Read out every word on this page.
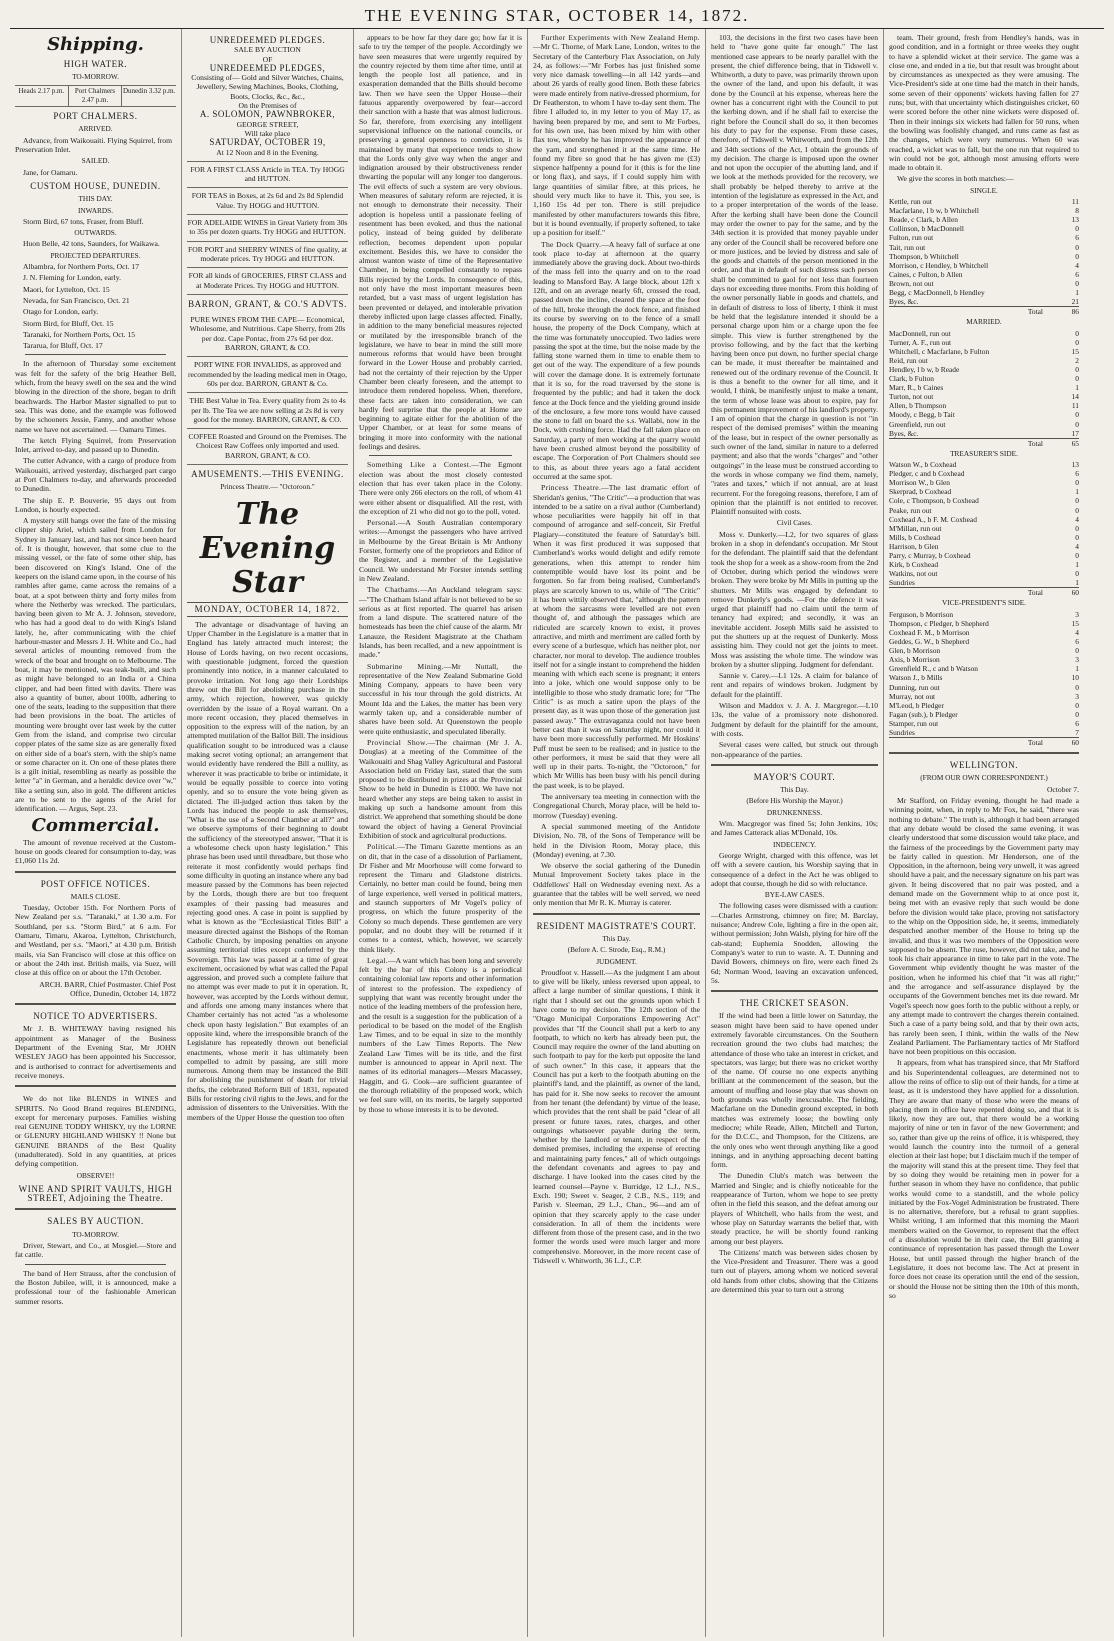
THE EVENING STAR, OCTOBER 14, 1872.
Shipping.
HIGH WATER.
TO-MORROW.
Heads 2.17 p.m.	Port Chalmers 2.47 p.m.
Dunedin 3.32 p.m.
PORT CHALMERS.
ARRIVED.

Advance, from Waikouaiti. Flying Squirrel, from Preservation Inlet.

SAILED.

Jane, for Oamaru.

CUSTOM HOUSE, DUNEDIN.
THIS DAY.
INWARDS.

Storm Bird, 67 tons, Fraser, from Bluff.

OUTWARDS.

Huon Belle, 42 tons, Saunders, for Waikawa.

PROJECTED DEPARTURES.

Albambra, for Northern Ports, Oct. 17

J. N. Fleming for London, early.

Maori, for Lyttelton, Oct. 15

Nevada, for San Francisco, Oct. 21

Otago for London, early.

Storm Bird, for Bluff, Oct. 15

Taranaki, for Northern Ports, Oct. 15

Tararua, for Bluff, Oct. 17

In the afternoon of Thursday some excitement was felt for the safety of the brig Heather Bell, which, from the heavy swell on the sea and the wind blowing in the direction of the shore, began to drift beachwards. The Harbor Master signalled to put to sea. This was done, and the example was followed by the schooners Jessie, Fanny, and another whose name we have not ascertained. — Oamaru Times.

The ketch Flying Squirrel, from Preservation Inlet, arrived to-day, and passed up to Dunedin.

The cutter Advance, with a cargo of produce from Waikouaiti, arrived yesterday, discharged part cargo at Port Chalmers to-day, and afterwards proceeded to Dunedin.

The ship E. P. Bouverie, 95 days out from London, is hourly expected.

A mystery still hangs over the fate of the missing clipper ship Ariel, which sailed from London for Sydney in January last, and has not since been heard of. It is thought, however, that some clue to the missing vessel, or the fate of some other ship, has been discovered on King's Island. One of the keepers on the island came upon, in the course of his rambles after game, came across the remains of a boat, at a spot between thirty and forty miles from where the Netherby was wrecked. The particulars, having been given to Mr A. J. Johnson, stevedore, who has had a good deal to do with King's Island lately, he, after communicating with the chief harbour-master and Messrs J. H. White and Co., had several articles of mounting removed from the wreck of the boat and brought on to Melbourne. The boat, it may be mentioned, was teak-built, and such as might have belonged to an India or a China clipper, and had been fitted with davits. There was also a quantity of butter, about 100lb, adhering to one of the seats, leading to the supposition that there had been provisions in the boat. The articles of mounting were brought over last week by the cutter Gem from the island, and comprise two circular copper plates of the same size as are generally fixed on either side of a boat's stern, with the ship's name or some character on it. On one of these plates there is a gilt initial, resembling as nearly as possible the letter "a" in German, and a heraldic device over "w," like a setting sun, also in gold. The different articles are to be sent to the agents of the Ariel for identification. — Argus, Sept. 23.

Commercial.

The amount of revenue received at the Custom-house on goods cleared for consumption to-day, was £1,060 11s 2d.

POST OFFICE NOTICES.
MAILS CLOSE.

Tuesday, October 15th. For Northern Ports of New Zealand per s.s. "Taranaki," at 1.30 a.m. For Southland, per s.s. "Storm Bird," at 6 a.m. For Oamaru, Timaru, Akaroa, Lyttelton, Christchurch, and Westland, per s.s. "Maori," at 4.30 p.m. British mails, via San Francisco will close at this office on or about the 24th inst. British mails, via Suez, will close at this office on or about the 17th October.

ARCH. BARR, Chief Postmaster. Chief Post Office, Dunedin, October 14, 1872

NOTICE TO ADVERTISERS.

Mr J. B. WHITEWAY having resigned his appointment as Manager of the Business Department of the Evening Star, Mr JOHN WESLEY JAGO has been appointed his Successor, and is authorised to contract for advertisements and receive moneys.

We do not like BLENDS in WINES and SPIRITS. No Good Brand requires BLENDING, except for mercenary purposes. Families wishing real GENUINE TODDY WHISKY, try the LORNE or GLENURY HIGHLAND WHISKY !! None but GENUINE BRANDS of the Best Quality (unadulterated). Sold in any quantities, at prices defying competition.

OBSERVE!!
WINE AND SPIRIT VAULTS, HIGH STREET, Adjoining the Theatre.
SALES BY AUCTION.
TO-MORROW.

Driver, Stewart, and Co., at Mosgiel.—Store and fat cattle.

The band of Herr Strauss, after the conclusion of the Boston Jubilee, will, it is announced, make a professional tour of the fashionable American summer resorts.

UNREDEEMED PLEDGES.
SALE BY AUCTION
OF
UNREDEEMED PLEDGES,
Consisting of— Gold and Silver Watches, Chains, Jewellery, Sewing Machines, Books, Clothing, Boots, Clocks, &c., &c.,
On the Premises of
A. SOLOMON, PAWNBROKER,
GEORGE STREET,
Will take place
SATURDAY, OCTOBER 19,
At 12 Noon and 8 in the Evening.
FOR A FIRST CLASS Article in TEA. Try HOGG and HUTTON.
FOR TEAS in Boxes, at 2s 6d and 2s 8d Splendid Value. Try HOGG and HUTTON.
FOR ADELAIDE WINES in Great Variety from 30s to 35s per dozen quarts. Try HOGG and HUTTON.
FOR PORT and SHERRY WINES of fine quality, at moderate prices. Try HOGG and HUTTON.
FOR all kinds of GROCERIES, FIRST CLASS and at Moderate Prices. Try HOGG and HUTTON.
BARRON, GRANT, & CO.'S ADVTS.
PURE WINES FROM THE CAPE— Economical, Wholesome, and Nutritious. Cape Sherry, from 20s per doz. Cape Pontac, from 27s 6d per doz. BARRON, GRANT, & CO.
PORT WINE FOR INVALIDS, as approved and recommended by the leading medical men in Otago, 60s per doz. BARRON, GRANT & Co.
THE Best Value in Tea. Every quality from 2s to 4s per lb. The Tea we are now selling at 2s 8d is very good for the money. BARRON, GRANT, & CO.
COFFEE Roasted and Ground on the Premises. The Choicest Raw Coffees only imported and used. BARRON, GRANT, & CO.
AMUSEMENTS.—THIS EVENING.
Princess Theatre.— "Octoroon."
The Evening Star
MONDAY, OCTOBER 14, 1872.

The advantage or disadvantage of having an Upper Chamber in the Legislature is a matter that in England has lately attracted much interest; the House of Lords having, on two recent occasions, with questionable judgment, forced the question prominently into notice, in a manner calculated to provoke irritation. Not long ago their Lordships threw out the Bill for abolishing purchase in the army, which rejection, however, was quickly overridden by the issue of a Royal warrant. On a more recent occasion, they placed themselves in opposition to the express will of the nation, by an attempted mutilation of the Ballot Bill. The insidious qualification sought to be introduced was a clause making secret voting optional; an arrangement that would evidently have rendered the Bill a nullity, as wherever it was practicable to bribe or intimidate, it would be equally possible to coerce into voting openly, and so to ensure the vote being given as dictated. The ill-judged action thus taken by the Lords has induced the people to ask themselves, "What is the use of a Second Chamber at all?" and we observe symptoms of their beginning to doubt the sufficiency of the stereotyped answer, "That it is a wholesome check upon hasty legislation." This phrase has been used until threadbare, but those who reiterate it most confidently would perhaps find some difficulty in quoting an instance where any bad measure passed by the Commons has been rejected by the Lords, though there are but too frequent examples of their passing bad measures and rejecting good ones. A case in point is supplied by what is known as the "Ecclesiastical Titles Bill" a measure directed against the Bishops of the Roman Catholic Church, by imposing penalties on anyone assuming territorial titles except conferred by the Sovereign. This law was passed at a time of great excitement, occasioned by what was called the Papal aggression, and proved such a complete failure that no attempt was ever made to put it in operation. It, however, was accepted by the Lords without demur, and affords one among many instances where that Chamber certainly has not acted "as a wholesome check upon hasty legislation." But examples of an opposite kind, where the irresponsible branch of the Legislature has repeatedly thrown out beneficial enactments, whose merit it has ultimately been compelled to admit by passing, are still more numerous. Among them may be instanced the Bill for abolishing the punishment of death for trivial thefts, the celebrated Reform Bill of 1831, repeated Bills for restoring civil rights to the Jews, and for the admission of dissenters to the Universities. With the members of the Upper House the question too often

appears to be how far they dare go; how far it is safe to try the temper of the people. Accordingly we have seen measures that were urgently required by the country rejected by them time after time, until at length the people lost all patience, and in exasperation demanded that the Bills should become law. Then we have seen the Upper House—their fatuous apparently overpowered by fear—accord their sanction with a haste that was almost ludicrous. So far, therefore, from exercising any intelligent supervisional influence on the national councils, or preserving a general openness to conviction, it is maintained by many that experience tends to show that the Lords only give way when the anger and indignation aroused by their obstructiveness render thwarting the popular will any longer too dangerous. The evil effects of such a system are very obvious. When measures of salutary reform are rejected, it is not enough to demonstrate their necessity. Their adoption is hopeless until a passionate feeling of resentment has been evoked, and thus the national policy, instead of being guided by deliberate reflection, becomes dependent upon popular excitement. Besides this, we have to consider the almost wanton waste of time of the Representative Chamber, in being compelled constantly to repass Bills rejected by the Lords. In consequence of this, not only have the most important measures been retarded, but a vast mass of urgent legislation has been prevented or delayed, and intolerable privation thereby inflicted upon large classes affected. Finally, in addition to the many beneficial measures rejected or mutilated by the irresponsible branch of the legislature, we have to bear in mind the still more numerous reforms that would have been brought forward in the Lower House and probably carried, had not the certainty of their rejection by the Upper Chamber been clearly foreseen, and the attempt to introduce them rendered hopeless. When, therefore, these facts are taken into consideration, we can hardly feel surprise that the people at Home are beginning to agitate either for the abolition of the Upper Chamber, or at least for some means of bringing it more into conformity with the national feelings and desires.

Something Like a Contest.—The Egmont election was about the most closely contested election that has ever taken place in the Colony. There were only 266 electors on the roll, of whom 41 were either absent or disqualified. All the rest, with the exception of 21 who did not go to the poll, voted.

Personal.—A South Australian contemporary writes:—Amongst the passengers who have arrived in Melbourne by the Great Britain is Mr Anthony Forster, formerly one of the proprietors and Editor of the Register, and a member of the Legislative Council. We understand Mr Forster intends settling in New Zealand.

The Chathams.—An Auckland telegram says:—"The Chatham Island affair is not believed to be so serious as at first reported. The quarrel has arisen from a land dispute. The scattered nature of the homesteads has been the chief cause of the alarm. Mr Lanauze, the Resident Magistrate at the Chatham Islands, has been recalled, and a new appointment is made."

Submarine Mining.—Mr Nuttall, the representative of the New Zealand Submarine Gold Mining Company, appears to have been very successful in his tour through the gold districts. At Mount Ida and the Lakes, the matter has been very warmly taken up, and a considerable number of shares have been sold. At Queenstown the people were quite enthusiastic, and speculated liberally.

Provincial Show.—The chairman (Mr J. A. Douglas) at a meeting of the Committee of the Waikouaiti and Shag Valley Agricultural and Pastoral Association held on Friday last, stated that the sum proposed to be distributed in prizes at the Provincial Show to be held in Dunedin is £1000. We have not heard whether any steps are being taken to assist in making up such a handsome amount from this district. We apprehend that something should be done toward the object of having a General Provincial Exhibition of stock and agricultural productions.

Political.—The Timaru Gazette mentions as an on dit, that in the case of a dissolution of Parliament, Dr Fisher and Mr Moorhouse will come forward to represent the Timaru and Gladstone districts. Certainly, no better man could be found, being men of large experience, well versed in political matters, and staunch supporters of Mr Vogel's policy of progress, on which the future prosperity of the Colony so much depends. These gentlemen are very popular, and no doubt they will be returned if it comes to a contest, which, however, we scarcely think likely.

Legal.—A want which has been long and severely felt by the bar of this Colony is a periodical containing colonial law reports and other information of interest to the profession. The expediency of supplying that want was recently brought under the notice of the leading members of the profession here, and the result is a suggestion for the publication of a periodical to be based on the model of the English Law Times, and to be equal in size to the monthly numbers of the Law Times Reports. The New Zealand Law Times will be its title, and the first number is announced to appear in April next. The names of its editorial managers—Messrs Macassey, Haggitt, and G. Cook—are sufficient guarantee of the thorough reliability of the proposed work, which we feel sure will, on its merits, be largely supported by those to whose interests it is to be devoted.

Further Experiments with New Zealand Hemp.—Mr C. Thorne, of Mark Lane, London, writes to the Secretary of the Canterbury Flax Association, on July 24, as follows:—"Mr Forbes has just finished some very nice damask towelling—in all 142 yards—and about 26 yards of really good linen. Both these fabrics were made entirely from native-dressed phormium, for Dr Featherston, to whom I have to-day sent them. The fibre I alluded to, in my letter to you of May 17, as having been prepared by me, and sent to Mr Forbes, for his own use, has been mixed by him with other flax tow, whereby he has improved the appearance of the yarn, and strengthened it at the same time. He found my fibre so good that he has given me (£3) sixpence halfpenny a pound for it (this is for the line or long flax), and says, if I could supply him with large quantities of similar fibre, at this prices, he should very much like to have it. This, you see, is 1,160 15s 4d per ton. There is still prejudice manifested by other manufacturers towards this fibre, but it is bound eventually, if properly softened, to take up a position for itself."

The Dock Quarry.—A heavy fall of surface at one took place to-day at afternoon at the quarry immediately above the graving dock. About two-thirds of the mass fell into the quarry and on to the road leading to Mansford Bay. A large block, about 12ft x 12ft, and on an average nearly 6ft, crossed the road, passed down the incline, cleared the space at the foot of the hill, broke through the dock fence, and finished its course by swerving on to the fence of a small house, the property of the Dock Company, which at the time was fortunately unoccupied. Two ladies were passing the spot at the time, but the noise made by the falling stone warned them in time to enable them to get out of the way. The expenditure of a few pounds will cover the damage done. It is extremely fortunate that it is so, for the road traversed by the stone is frequented by the public; and had it taken the dock fence at the Dock fence and the yielding ground inside of the enclosure, a few more tons would have caused the stone to fall on board the s.s. Wallabi, now in the Dock, with crushing force. Had the fall taken place on Saturday, a party of men working at the quarry would have been crushed almost beyond the possibility of escape. The Corporation of Port Chalmers should see to this, as about three years ago a fatal accident occurred at the same spot.

Princess Theatre.—The last dramatic effort of Sheridan's genius, "The Critic"—a production that was intended to be a satire on a rival author (Cumberland) whose peculiarities were happily hit off in that compound of arrogance and self-conceit, Sir Fretful Plagiary—constituted the feature of Saturday's bill. When it was first produced it was supposed that Cumberland's works would delight and edify remote generations, when this attempt to render him contemptible would have lost its point and be forgotten. So far from being realised, Cumberland's plays are scarcely known to us, while of "The Critic" it has been wittily observed that, "although the pattern at whom the sarcasms were levelled are not even thought of, and although the passages which are ridiculed are scarcely known to exist, it proves attractive, and mirth and merriment are called forth by every scene of a burlesque, which has neither plot, nor character, nor moral to develop. The audience troubles itself not for a single instant to comprehend the hidden meaning with which each scene is pregnant; it enters into a joke, which one would suppose only to be intelligible to those who study dramatic lore; for "The Critic" is as much a satire upon the plays of the present day, as it was upon those of the generation just passed away." The extravaganza could not have been better cast than it was on Saturday night, nor could it have been more successfully performed. Mr Hoskins' Puff must be seen to be realised; and in justice to the other performers, it must be said that they were all well up in their parts. To-night, the "Octoroon," for which Mr Willis has been busy with his pencil during the past week, is to be played.

The anniversary tea meeting in connection with the Congregational Church, Moray place, will be held to-morrow (Tuesday) evening.

A special summoned meeting of the Antidote Division, No. 78, of the Sons of Temperance will be held in the Division Room, Moray place, this (Monday) evening, at 7.30.

We observe the social gathering of the Dunedin Mutual Improvement Society takes place in the Oddfellows' Hall on Wednesday evening next. As a guarantee that the tables will be well served, we need only mention that Mr R. K. Murray is caterer.

RESIDENT MAGISTRATE'S COURT.
This Day.
(Before A. C. Strode, Esq., R.M.)
JUDGMENT.

Proudfoot v. Hassell.—As the judgment I am about to give will be likely, unless reversed upon appeal, to affect a large number of similar questions, I think it right that I should set out the grounds upon which I have come to my decision. The 12th section of the "Otago Municipal Corporations Empowering Act" provides that "If the Council shall put a kerb to any footpath, to which no kerb has already been put, the Council may require the owner of the land abutting on such footpath to pay for the kerb put opposite the land of such owner." In this case, it appears that the Council has put a kerb to the footpath abutting on the plaintiff's land, and the plaintiff, as owner of the land, has paid for it. She now seeks to recover the amount from her tenant (the defendant) by virtue of the lease, which provides that the rent shall be paid "clear of all present or future taxes, rates, charges, and other outgoings whatsoever payable during the term, whether by the landlord or tenant, in respect of the demised premises, including the expense of erecting and maintaining party fences," all of which outgoings the defendant covenants and agrees to pay and discharge. I have looked into the cases cited by the learned counsel—Payne v. Burridge, 12 L.J., N.S., Exch. 190; Sweet v. Seager, 2 C.B., N.S., 119; and Parish v. Sleeman, 29 L.J., Chan., 96—and am of opinion that they scarcely apply to the case under consideration. In all of them the incidents were different from those of the present case, and in the two former the words used were much larger and more comprehensive. Moreover, in the more recent case of Tidswell v. Whitworth, 36 L.J., C.P.

103, the decisions in the first two cases have been held to "have gone quite far enough." The last mentioned case appears to be nearly parallel with the present, the chief difference being, that in Tidswell v. Whitworth, a duty to pave, was primarily thrown upon the owner of the land, and upon his default, it was done by the Council at his expense, whereas here the owner has a concurrent right with the Council to put the kerbing down, and if he shall fail to exercise the right before the Council shall do so, it then becomes his duty to pay for the expense. From these cases, therefore, of Tidswell v. Whitworth, and from the 12th and 34th sections of the Act, I obtain the grounds of my decision. The charge is imposed upon the owner and not upon the occupier of the abutting land, and if we look at the methods provided for the recovery, we shall probably be helped thereby to arrive at the intention of the legislature as expressed in the Act, and to a proper interpretation of the words of the lease. After the kerbing shall have been done the Council may order the owner to pay for the same, and by the 34th section it is provided that money payable under any order of the Council shall be recovered before one or more justices, and be levied by distress and sale of the goods and chattels of the person mentioned in the order, and that in default of such distress such person shall be committed to gaol for not less than fourteen days nor exceeding three months. From this holding of the owner personally liable in goods and chattels, and in default of distress to loss of liberty, I think it must be held that the legislature intended it should be a personal charge upon him or a charge upon the fee simple. This view is further strengthened by the proviso following, and by the fact that the kerbing having been once put down, no further special charge can be made, it must thereafter be maintained and renewed out of the ordinary revenue of the Council. It is thus a benefit to the owner for all time, and it would, I think, be manifestly unjust to make a tenant, the term of whose lease was about to expire, pay for this permanent improvement of his landlord's property. I am of opinion that the charge in question is not "in respect of the demised premises" within the meaning of the lease, but in respect of the owner personally as such owner of the land, similar in nature to a deferred payment; and also that the words "charges" and "other outgoings" in the lease must be construed according to the words in whose company we find them, namely, "rates and taxes," which if not annual, are at least recurrent. For the foregoing reasons, therefore, I am of opinion that the plaintiff is not entitled to recover. Plaintiff nonsuited with costs.

Civil Cases.

Moss v. Dunkerly.—L2, for two squares of glass broken in a shop in defendant's occupation. Mr Stout for the defendant. The plaintiff said that the defendant took the shop for a week as a show-room from the 2nd of October, during which period the windows were broken. They were broke by Mr Mills in putting up the shutters. Mr Mills was engaged by defendant to remove Dunkerly's goods. —For the defence it was urged that plaintiff had no claim until the term of tenancy had expired; and secondly, it was an inevitable accident. Joseph Mills said he assisted to put the shutters up at the request of Dunkerly. Moss assisting him. They could not get the joints to meet. Moss was assisting the whole time. The window was broken by a shutter slipping. Judgment for defendant.

Sannie v. Carey.—L1 12s. A claim for balance of rent and repairs of windows broken. Judgment by default for the plaintiff.

Wilson and Maddox v. J. A. J. Macgregor.—L10 13s, the value of a promissory note dishonored. Judgment by default for the plaintiff for the amount, with costs.

Several cases were called, but struck out through non-appearance of the parties.

MAYOR'S COURT.
This Day.
(Before His Worship the Mayor.)
DRUNKENNESS.

Wm. Macgregor was fined 5s; John Jenkins, 10s; and James Catterack alias M'Donald, 10s.

INDECENCY.

George Wright, charged with this offence, was let off with a severe caution, his Worship saying that in consequence of a defect in the Act he was obliged to adopt that course, though he did so with reluctance.

BYE-LAW CASES.

The following cases were dismissed with a caution:—Charles Armstrong, chimney on fire; M. Barclay, nuisance; Andrew Cole, lighting a fire in the open air, without permission; John Walsh, plying for hire off the cab-stand; Euphemia Snodden, allowing the Company's water to run to waste. A. T. Dunning and David Bowers, chimneys on fire, were each fined 2s 6d; Norman Wood, leaving an excavation unfenced, 5s.

THE CRICKET SEASON.

If the wind had been a little lower on Saturday, the season might have been said to have opened under extremely favorable circumstances. On the Southern recreation ground the two clubs had matches; the attendance of those who take an interest in cricket, and spectators, was large; but there was no cricket worthy of the name. Of course no one expects anything brilliant at the commencement of the season, but the amount of muffing and loose play that was shown on both grounds was wholly inexcusable. The fielding, Macfarlane on the Dunedin ground excepted, in both matches was extremely loose; the bowling only mediocre; while Reade, Allen, Mitchell and Turton, for the D.C.C., and Thompson, for the Citizens, are the only ones who went through anything like a good innings, and in anything approaching decent batting form.

The Dunedin Club's match was between the Married and Single; and is chiefly noticeable for the reappearance of Turton, whom we hope to see pretty often in the field this season, and the defeat among our players of Whitchell, who hails from the west, and whose play on Saturday warrants the belief that, with steady practice, he will be shortly found ranking among our best players.

The Citizens' match was between sides chosen by the Vice-President and Treasurer. There was a good turn out of players, among whom we noticed several old hands from other clubs, showing that the Citizens are determined this year to turn out a strong

team. Their ground, fresh from Hendley's hands, was in good condition, and in a fortnight or three weeks they ought to have a splendid wicket at their service. The game was a close one, and ended in a tie, but that result was brought about by circumstances as unexpected as they were amusing. The Vice-President's side at one time had the match in their hands, some seven of their opponents' wickets having fallen for 27 runs; but, with that uncertainty which distinguishes cricket, 60 were scored before the other nine wickets were disposed of. Then in their innings six wickets had fallen for 50 runs, when the bowling was foolishly changed, and runs came as fast as the changes, which were very numerous. When 60 was reached, a wicket was to fall, but the one run that required to win could not be got, although most amusing efforts were made to obtain it.

We give the scores in both matches:—

SINGLE.
Kettle, run out	11
Macfarlane, l b w, b Whitchell	8
Reade, c Clark, b Allen	13
Collinson, b MacDonnell	0
Fulton, run out	6
Tait, run out	0
Thompson, b Whitchell	0
Morrison, c Hendley, b Whitchell	4
Caines, c Fulton, b Allen	6
Brown, not out	0
Begg, c MacDonnell, b Hendley	1
Byes, &c.	21
Total	86
MARRIED.
MacDonnell, run out	0
Turner, A. F., run out	0
Whitchell, c Macfarlane, b Fulton	15
Reid, run out	2
Hendley, l b w, b Reade	0
Clark, b Fulton	0
Marr, R., b Caines	1
Turton, not out	14
Allen, b Thompson	11
Moody, c Begg, b Tait	0
Greenfield, run out	0
Byes, &c.	17
Total	65
TREASURER'S SIDE.
Watson W., b Coxhead	13
Pledger, c and b Coxhead	6
Morrison W., b Glen	0
Skerprad, b Coxhead	1
Cole, c Thompson, b Coxhead	0
Peake, run out	0
Coxhead A., b F. M. Coxhead	4
M'Millan, run out	0
Mills, b Coxhead	0
Harrison, b Glen	4
Parry, c Murray, b Coxhead	0
Kirk, b Coxhead	1
Watkins, not out	0
Sundries	1
Total	60
VICE-PRESIDENT'S SIDE.
Ferguson, b Morrison	3
Thompson, c Pledger, b Shepherd	15
Coxhead F. M., b Morrison	4
Geddes, G. W., b Shepherd	6
Glen, b Morrison	0
Axis, b Morrison	3
Greenfield R., c and b Watson	1
Watson J., b Mills	10
Dunning, run out	0
Murray, not out	3
M'Leod, b Pledger	0
Fagan (sub.), b Pledger	0
Stamper, run out	6
Sundries	7
Total	60
WELLINGTON.
(FROM OUR OWN CORRESPONDENT.)

October 7.

Mr Stafford, on Friday evening, thought he had made a winning point, when, in reply to Mr Fox, he said, "there was nothing to debate." The truth is, although it had been arranged that any debate would be closed the same evening, it was clearly understood that some discussion would take place, and the fairness of the proceedings by the Government party may be fairly called in question. Mr Henderson, one of the Opposition, in the afternoon, being very unwell, it was agreed should have a pair, and the necessary signature on his part was given. It being discovered that no pair was posted, and a demand made on the Government whip to at once post it, being met with an evasive reply that such would be done before the division would take place, proving not satisfactory to the whip on the Opposition side, he, it seems, immediately despatched another member of the House to bring up the invalid, and thus it was two members of the Opposition were supposed to be absent. The ruse, however, did not take, and he took his chair appearance in time to take part in the vote. The Government whip evidently thought he was master of the position, when he informed his chief that "it was all right;" and the arrogance and self-assurance displayed by the occupants of the Government benches met its due reward. Mr Vogel's speech now goes forth to the public without a reply, or any attempt made to controvert the charges therein contained. Such a case of a party being sold, and that by their own acts, has rarely been seen, I think, within the walls of the New Zealand Parliament. The Parliamentary tactics of Mr Stafford have not been propitious on this occasion.

It appears, from what has transpired since, that Mr Stafford and his Superintendental colleagues, are determined not to allow the reins of office to slip out of their hands, for a time at least, as it is understood they have applied for a dissolution. They are aware that many of those who were the means of placing them in office have repented doing so, and that it is likely, now they are out, that there would be a working majority of nine or ten in favor of the new Government; and so, rather than give up the reins of office, it is whispered, they would launch the country into the turmoil of a general election at their last hope; but I disclaim much if the temper of the majority will stand this at the present time. They feel that by so doing they would be retaining men in power for a further season in whom they have no confidence, that public works would come to a standstill, and the whole policy initiated by the Fox-Vogel Administration be frustrated. There is no alternative, therefore, but a refusal to grant supplies. Whilst writing, I am informed that this morning the Maori members waited on the Governor, to represent that the effect of a dissolution would be in their case, the Bill granting a continuance of representation has passed through the Lower House, but until passed through the higher branch of the Legislature, it does not become law. The Act at present in force does not cease its operation until the end of the session, or should the House not be sitting then the 10th of this month, so
